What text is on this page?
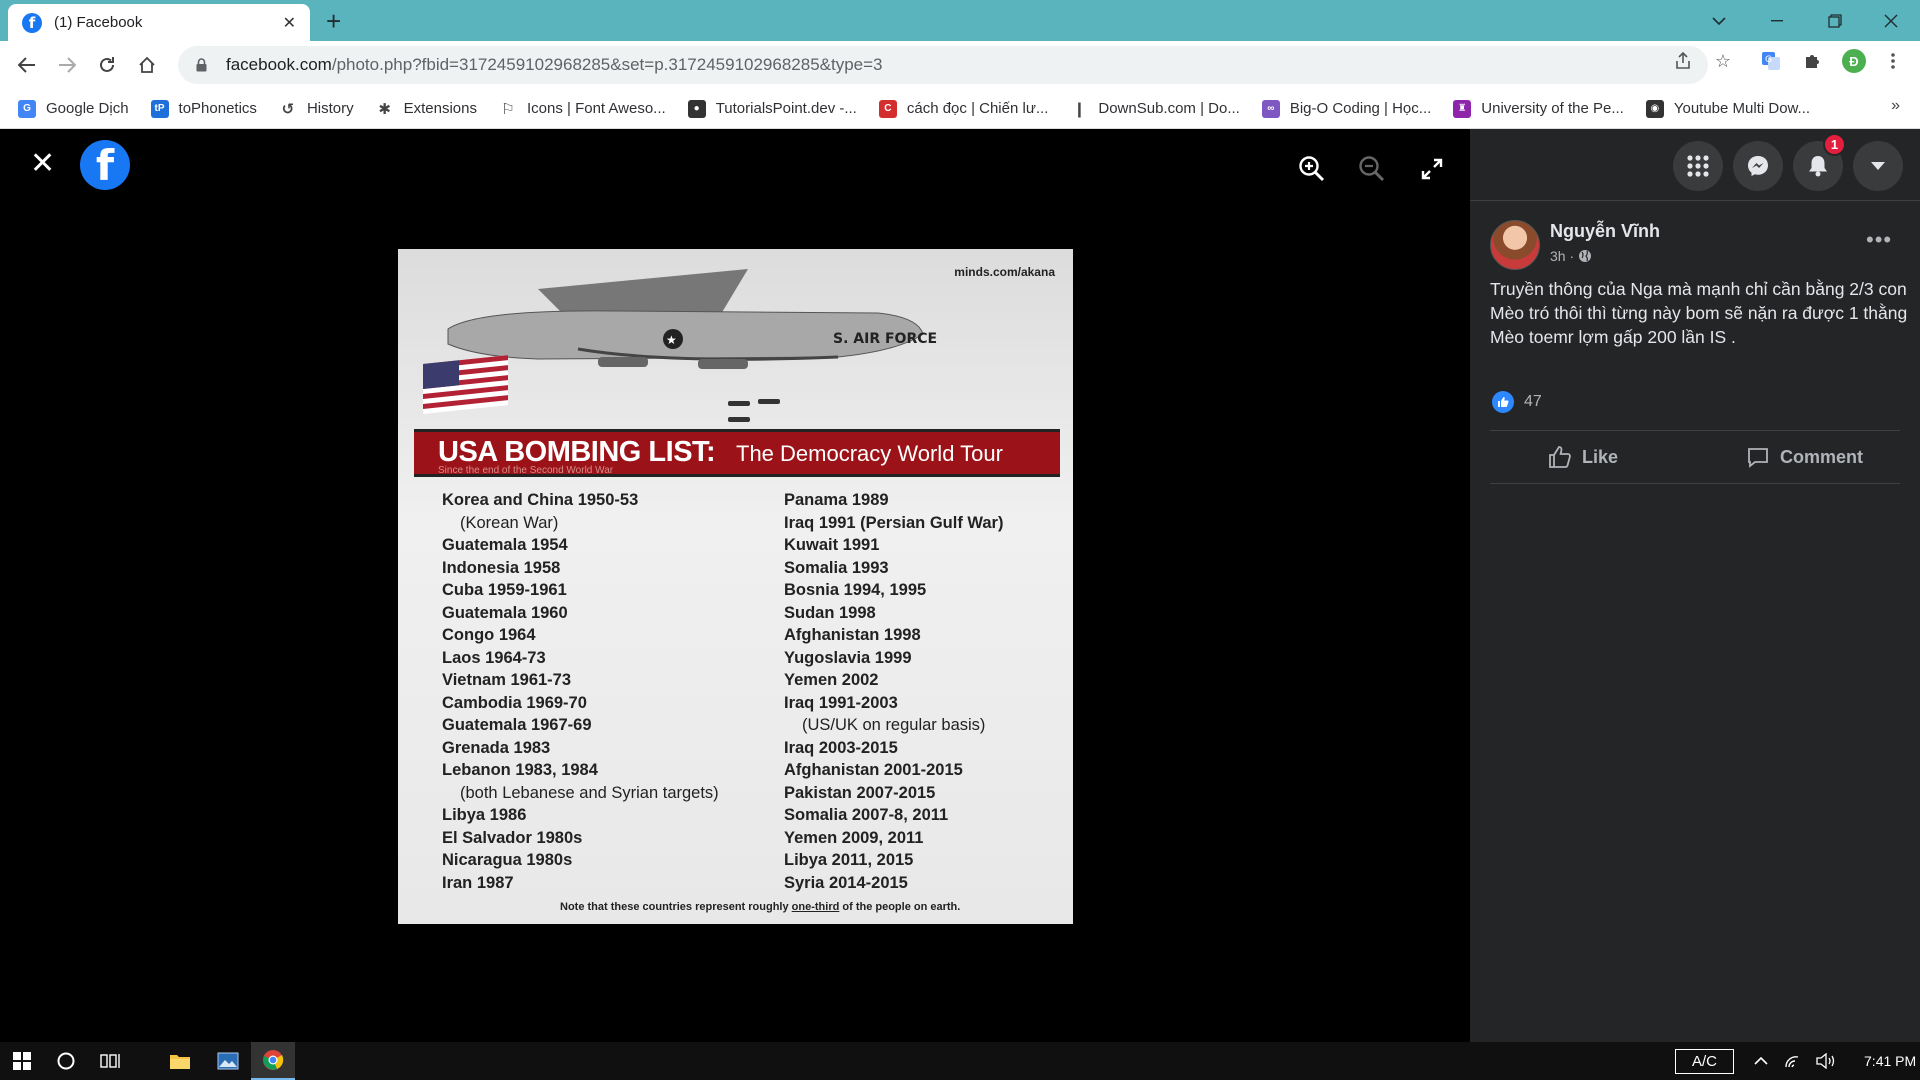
f	(1) Facebook	✕ +
facebook.com/photo.php?fbid=3172459102968285&set=p.3172459102968285&type=3	☆	G	Đ
G	Google Dịch	tP toPhonetics ↺ History ✱ Extensions ⚐ Icons | Font Aweso...	●	TutorialsPoint.dev -...	C	cách đọc | Chiến lư... ❙ DownSub.com | Do...	∞	Big-O Coding | Học...	♜ University of the Pe...	◉ Youtube Multi Dow...	»
✕ f
minds.com/akana
★	S. AIR FORCE
USA BOMBING LIST: The Democracy World Tour
Since the end of the Second World War
Korea and China 1950-53
(Korean War)
Guatemala 1954
Indonesia 1958
Cuba 1959-1961
Guatemala 1960
Congo 1964
Laos 1964-73
Vietnam 1961-73
Cambodia 1969-70
Guatemala 1967-69
Grenada 1983
Lebanon 1983, 1984
(both Lebanese and Syrian targets)
Libya 1986
El Salvador 1980s
Nicaragua 1980s
Iran 1987
Panama 1989
Iraq 1991 (Persian Gulf War)
Kuwait 1991
Somalia 1993
Bosnia 1994, 1995
Sudan 1998
Afghanistan 1998
Yugoslavia 1999
Yemen 2002
Iraq 1991-2003
(US/UK on regular basis)
Iraq 2003-2015
Afghanistan 2001-2015
Pakistan 2007-2015
Somalia 2007-8, 2011
Yemen 2009, 2011
Libya 2011, 2015
Syria 2014-2015
Note that these countries represent roughly one-third of the people on earth.
Nguyễn Vĩnh
3h ·
•••
Truyền thông của Nga mà mạnh chỉ cần bằng 2/3 con Mèo tró thôi thì từng này bom sẽ nặn ra được 1 thằng Mèo toemr lợm gấp 200 lần IS .
47
Like	Comment
1
A/C	7:41 PM
